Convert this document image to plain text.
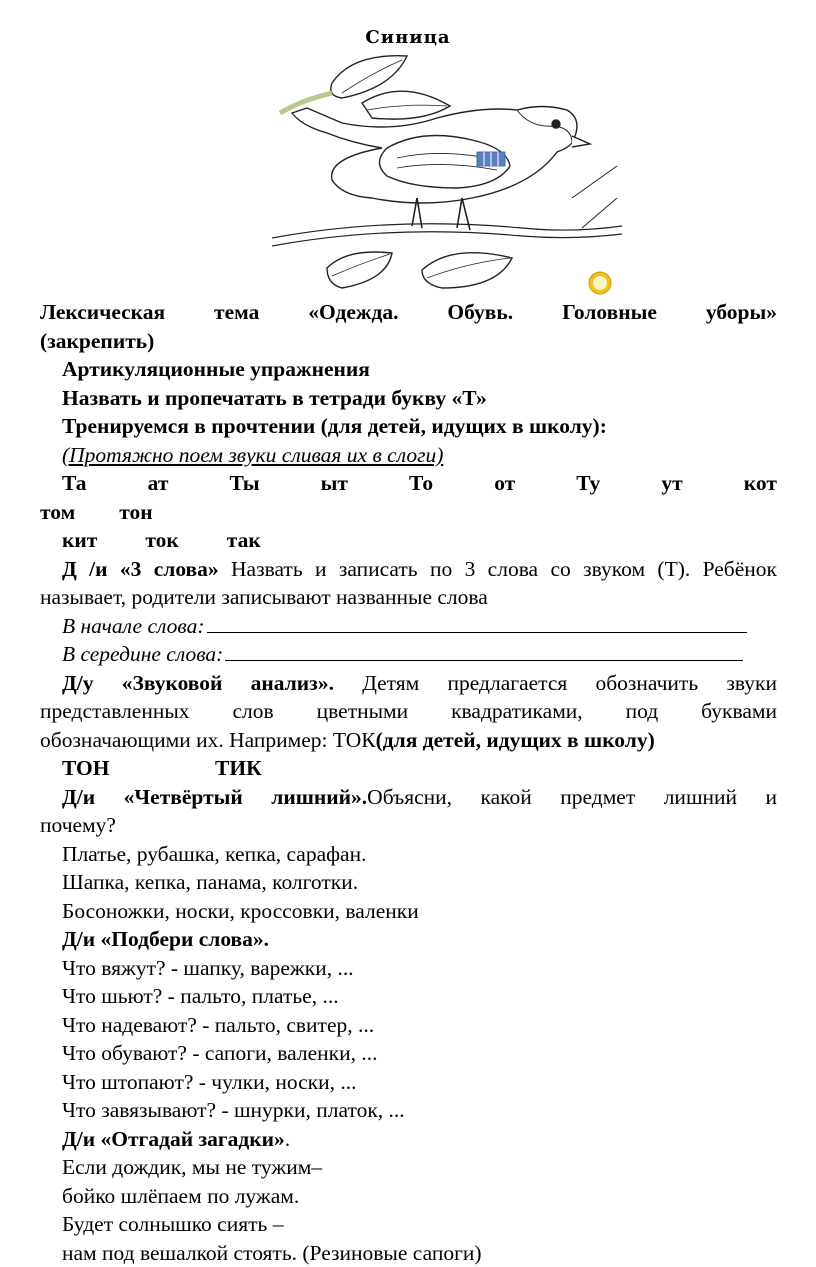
Синица
Лексическая тема «Одежда. Обувь. Головные уборы»
(закрепить)
Артикуляционные упражнения
Назвать и пропечатать в тетради букву «Т»
Тренируемся в прочтении (для детей, идущих в школу):
(Протяжно поем звуки сливая их в слоги)
Та	ат	Ты	ыт	То	от	Ту	ут	кот
том тон
кит ток так
Д /и «3 слова» Назвать и записать по 3 слова со звуком (Т). Ребёнок
называет, родители записывают названные слова
В начале слова:
В середине слова:
Д/у «Звуковой анализ». Детям предлагается обозначить звуки
представленных слов цветными квадратиками, под буквами
обозначающими их. Например: ТОК(для детей, идущих в школу)
ТОН	ТИК
Д/и «Четвёртый лишний».Объясни, какой предмет лишний и
почему?
Платье, рубашка, кепка, сарафан.
Шапка, кепка, панама, колготки.
Босоножки, носки, кроссовки, валенки
Д/и «Подбери слова».
Что вяжут? - шапку, варежки, ...
Что шьют? - пальто, платье, ...
Что надевают? - пальто, свитер, ...
Что обувают? - сапоги, валенки, ...
Что штопают? - чулки, носки, ...
Что завязывают? - шнурки, платок, ...
Д/и «Отгадай загадки».
Если дождик, мы не тужим–
бойко шлёпаем по лужам.
Будет солнышко сиять –
нам под вешалкой стоять. (Резиновые сапоги)
